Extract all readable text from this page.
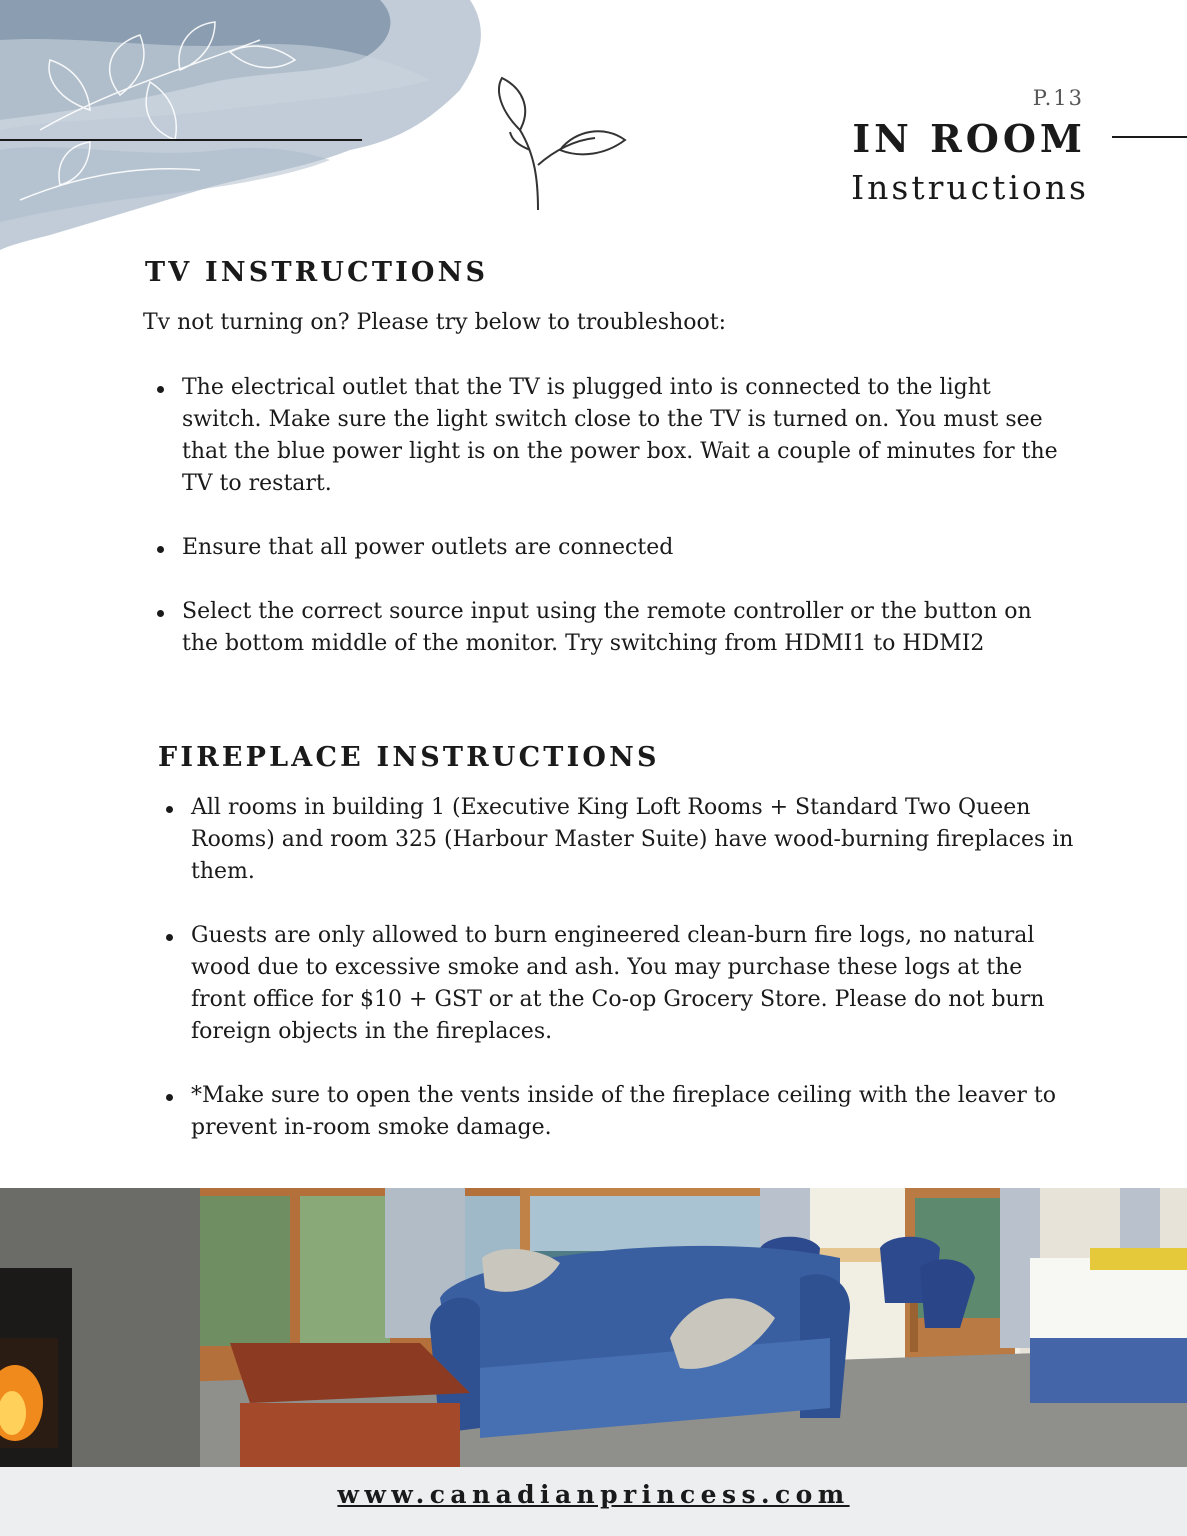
P.13
IN ROOM
Instructions
TV INSTRUCTIONS

Tv not turning on? Please try below to troubleshoot:

The electrical outlet that the TV is plugged into is connected to the light switch. Make sure the light switch close to the TV is turned on. You must see that the blue power light is on the power box. Wait a couple of minutes for the TV to restart.
Ensure that all power outlets are connected
Select the correct source input using the remote controller or the button on the bottom middle of the monitor. Try switching from HDMI1 to HDMI2
FIREPLACE INSTRUCTIONS
All rooms in building 1 (Executive King Loft Rooms + Standard Two Queen Rooms) and room 325 (Harbour Master Suite) have wood-burning fireplaces in them.
Guests are only allowed to burn engineered clean-burn fire logs, no natural wood due to excessive smoke and ash. You may purchase these logs at the front office for $10 + GST or at the Co-op Grocery Store. Please do not burn foreign objects in the fireplaces.
*Make sure to open the vents inside of the fireplace ceiling with the leaver to prevent in-room smoke damage.
www.canadianprincess.com
